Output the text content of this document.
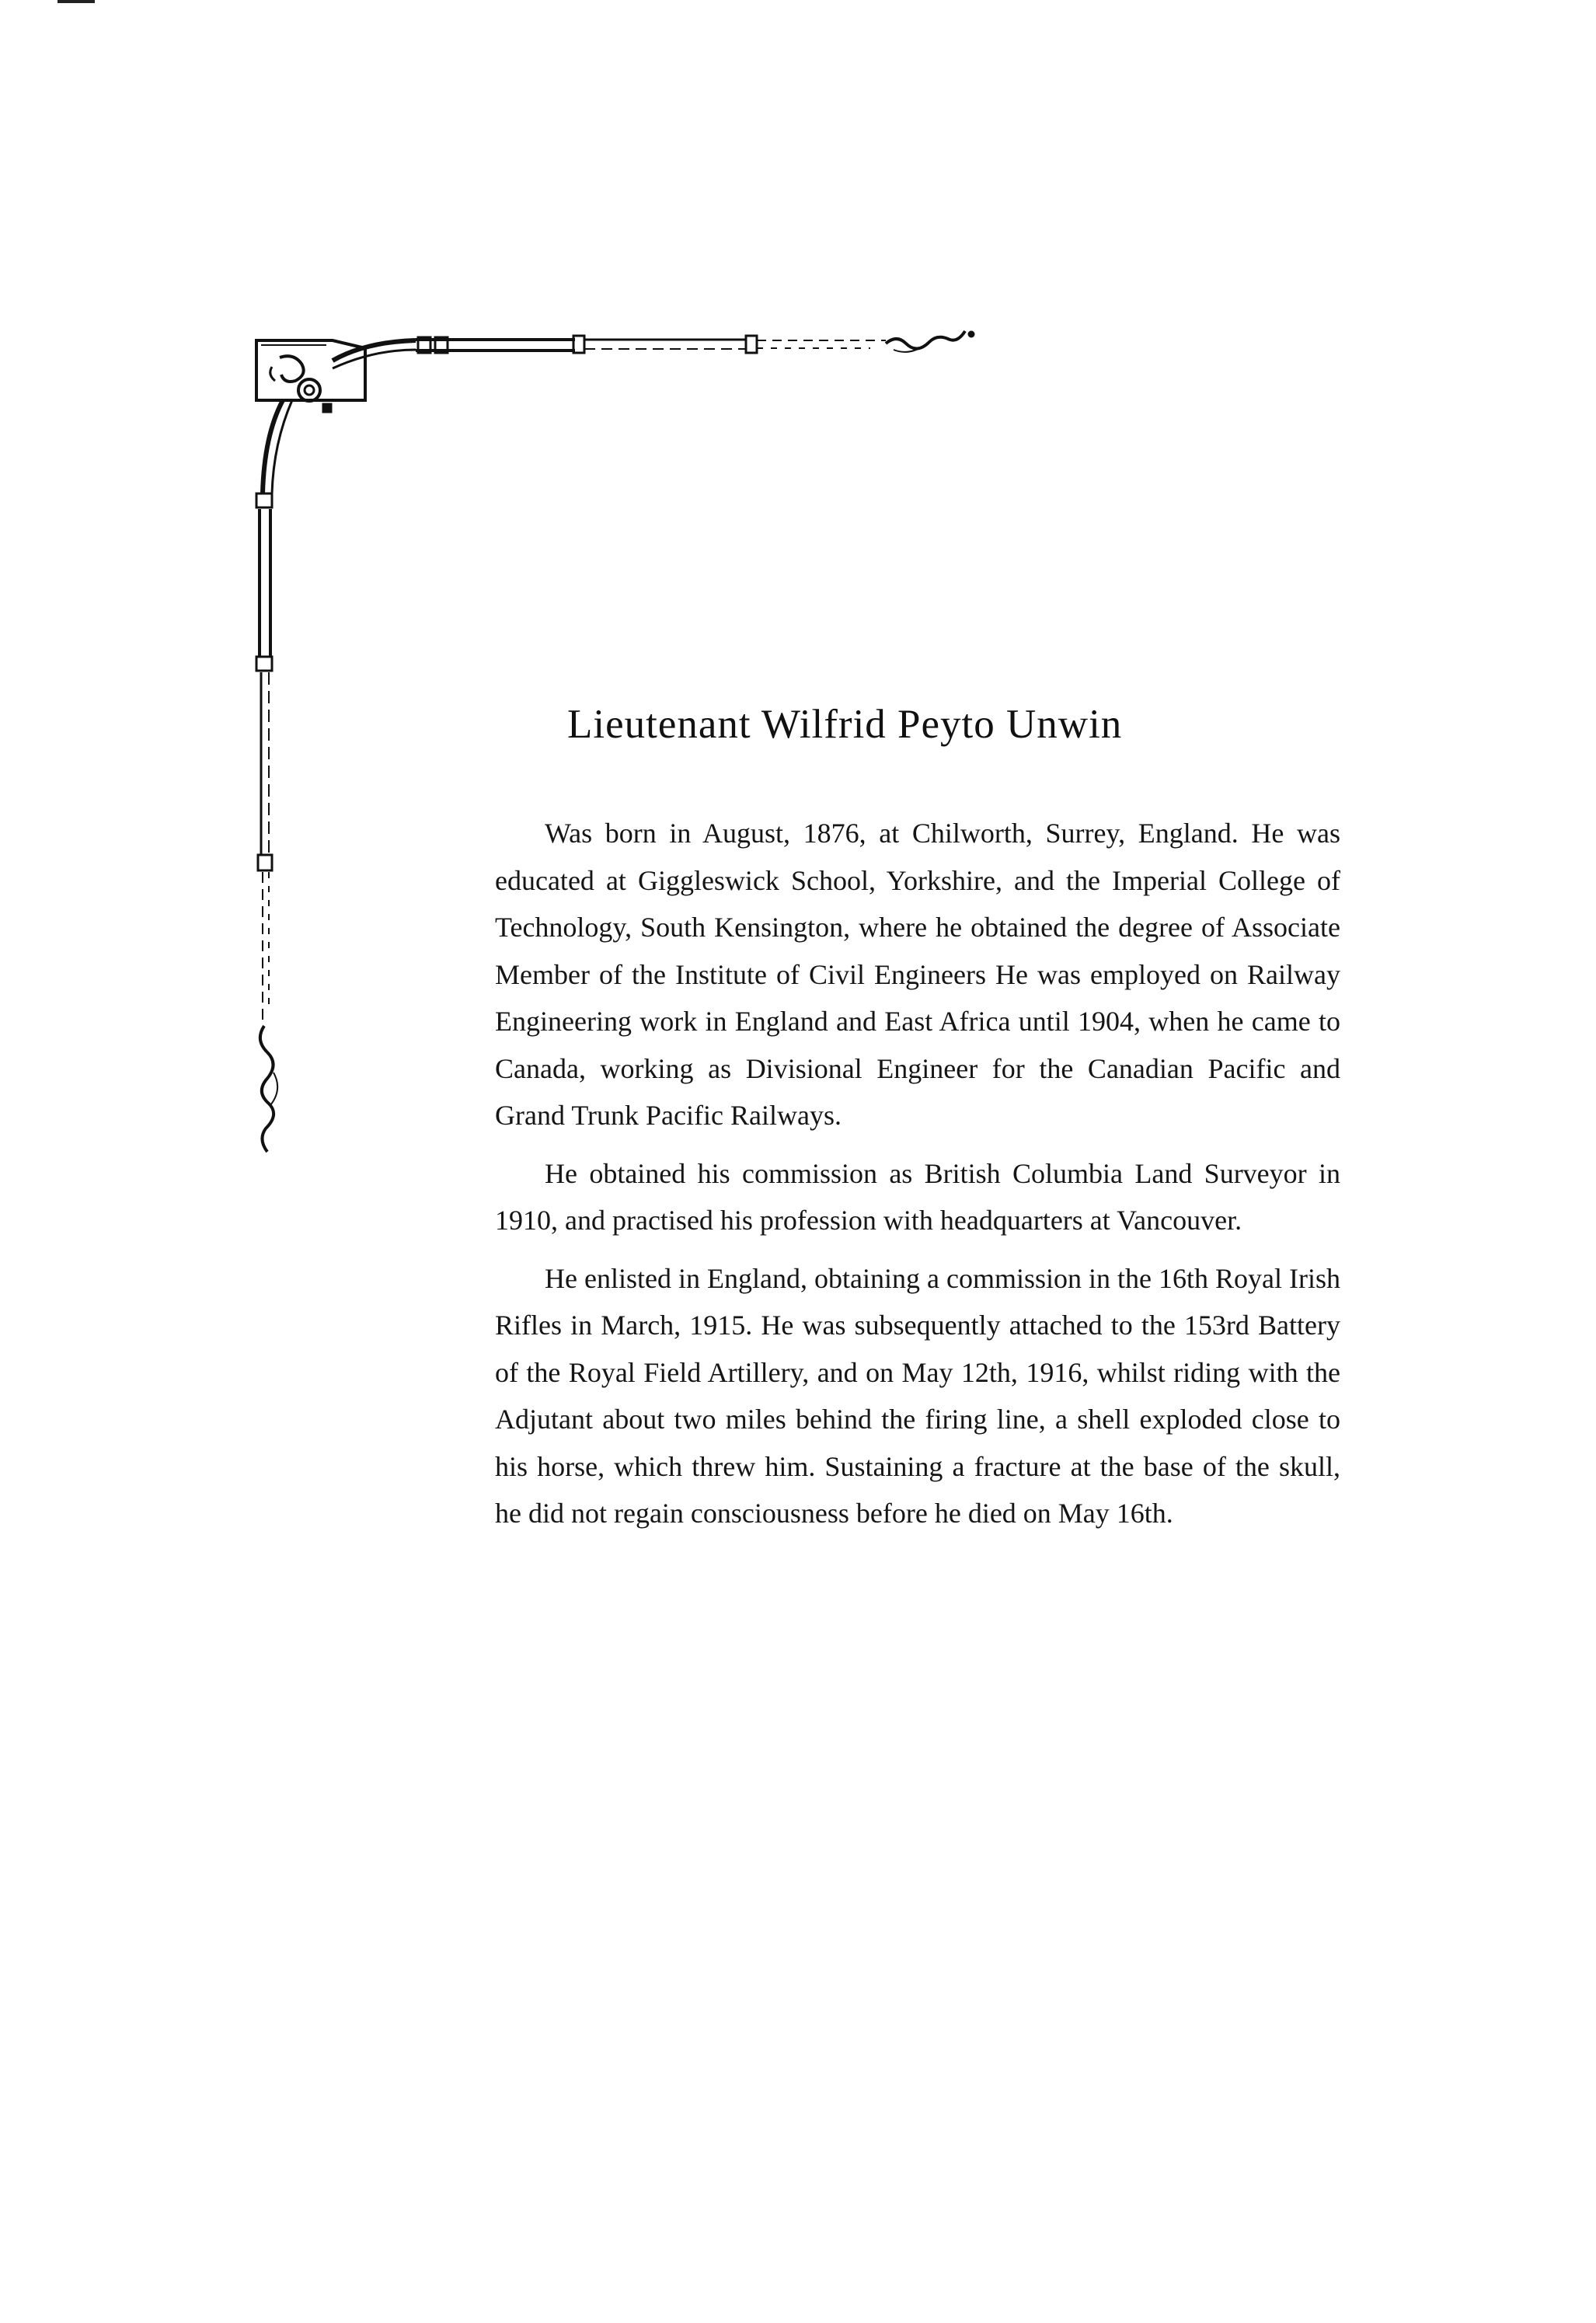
Lieutenant Wilfrid Peyto Unwin

Was born in August, 1876, at Chilworth, Surrey, England. He was educated at Giggleswick School, Yorkshire, and the Imperial College of Technology, South Kensington, where he obtained the degree of Associate Member of the Institute of Civil Engineers He was employed on Railway Engineering work in England and East Africa until 1904, when he came to Canada, working as Divisional Engineer for the Canadian Pacific and Grand Trunk Pacific Railways.

He obtained his commission as British Columbia Land Surveyor in 1910, and practised his profession with headquarters at Vancouver.

He enlisted in England, obtaining a commission in the 16th Royal Irish Rifles in March, 1915. He was subsequently attached to the 153rd Battery of the Royal Field Artillery, and on May 12th, 1916, whilst riding with the Adjutant about two miles behind the firing line, a shell exploded close to his horse, which threw him. Sustaining a fracture at the base of the skull, he did not regain consciousness before he died on May 16th.
